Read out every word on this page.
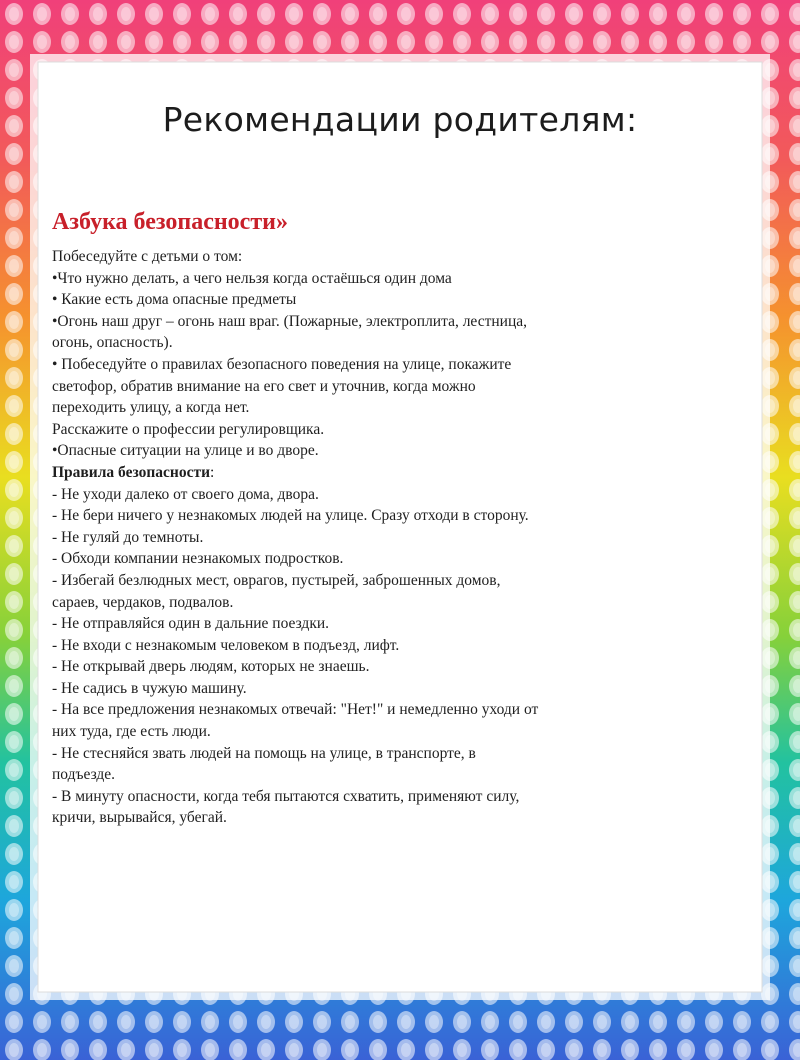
Рекомендации родителям:
Азбука безопасности»

Побеседуйте с детьми о том:

•Что нужно делать, а чего нельзя когда остаёшься один дома

• Какие есть дома опасные предметы

•Огонь наш друг – огонь наш враг. (Пожарные, электроплита, лестница,

огонь, опасность).

• Побеседуйте о правилах безопасного поведения на улице, покажите

светофор, обратив внимание на его свет и уточнив, когда можно

переходить улицу, а когда нет.

Расскажите о профессии регулировщика.

•Опасные ситуации на улице и во дворе.

Правила безопасности:

- Не уходи далеко от своего дома, двора.

- Не бери ничего у незнакомых людей на улице. Сразу отходи в сторону.

- Не гуляй до темноты.

- Обходи компании незнакомых подростков.

- Избегай безлюдных мест, оврагов, пустырей, заброшенных домов,

сараев, чердаков, подвалов.

- Не отправляйся один в дальние поездки.

- Не входи с незнакомым человеком в подъезд, лифт.

- Не открывай дверь людям, которых не знаешь.

- Не садись в чужую машину.

- На все предложения незнакомых отвечай: "Нет!" и немедленно уходи от

них туда, где есть люди.

- Не стесняйся звать людей на помощь на улице, в транспорте, в

подъезде.

- В минуту опасности, когда тебя пытаются схватить, применяют силу,

кричи, вырывайся, убегай.
